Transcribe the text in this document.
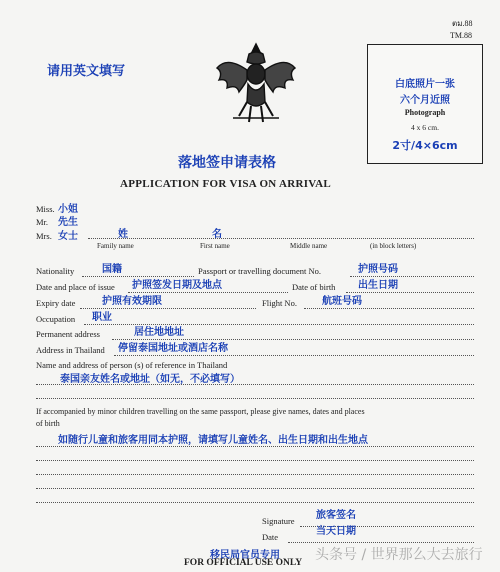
ตม.88
TM.88
请用英文填写
白底照片一张
六个月近照
Photograph
4 x 6 cm.
2寸/4×6cm
落地签申请表格
APPLICATION FOR VISA ON ARRIVAL
Miss. 小姐
Mr. 先生
Mrs. 女士	姓	名
Family name	First name	Middle name	(in block letters)
Nationality	国籍	Passport or travelling document No.	护照号码
Date and place of issue 护照签发日期及地点	Date of birth 出生日期
Expiry date	护照有效期限	Flight No.	航班号码
Occupation 职业
Permanent address	居住地地址
Address in Thailand 停留泰国地址或酒店名称
Name and address of person (s) of reference in Thailand
泰国亲友姓名或地址（如无，不必填写）
If accompanied by minor children travelling on the same passport, please give names, dates and places
of birth
如随行儿童和旅客用同本护照，请填写儿童姓名、出生日期和出生地点
旅客签名
Signature
当天日期
Date
移民局官员专用
FOR OFFICIAL USE ONLY 头条号 / 世界那么大去旅行
